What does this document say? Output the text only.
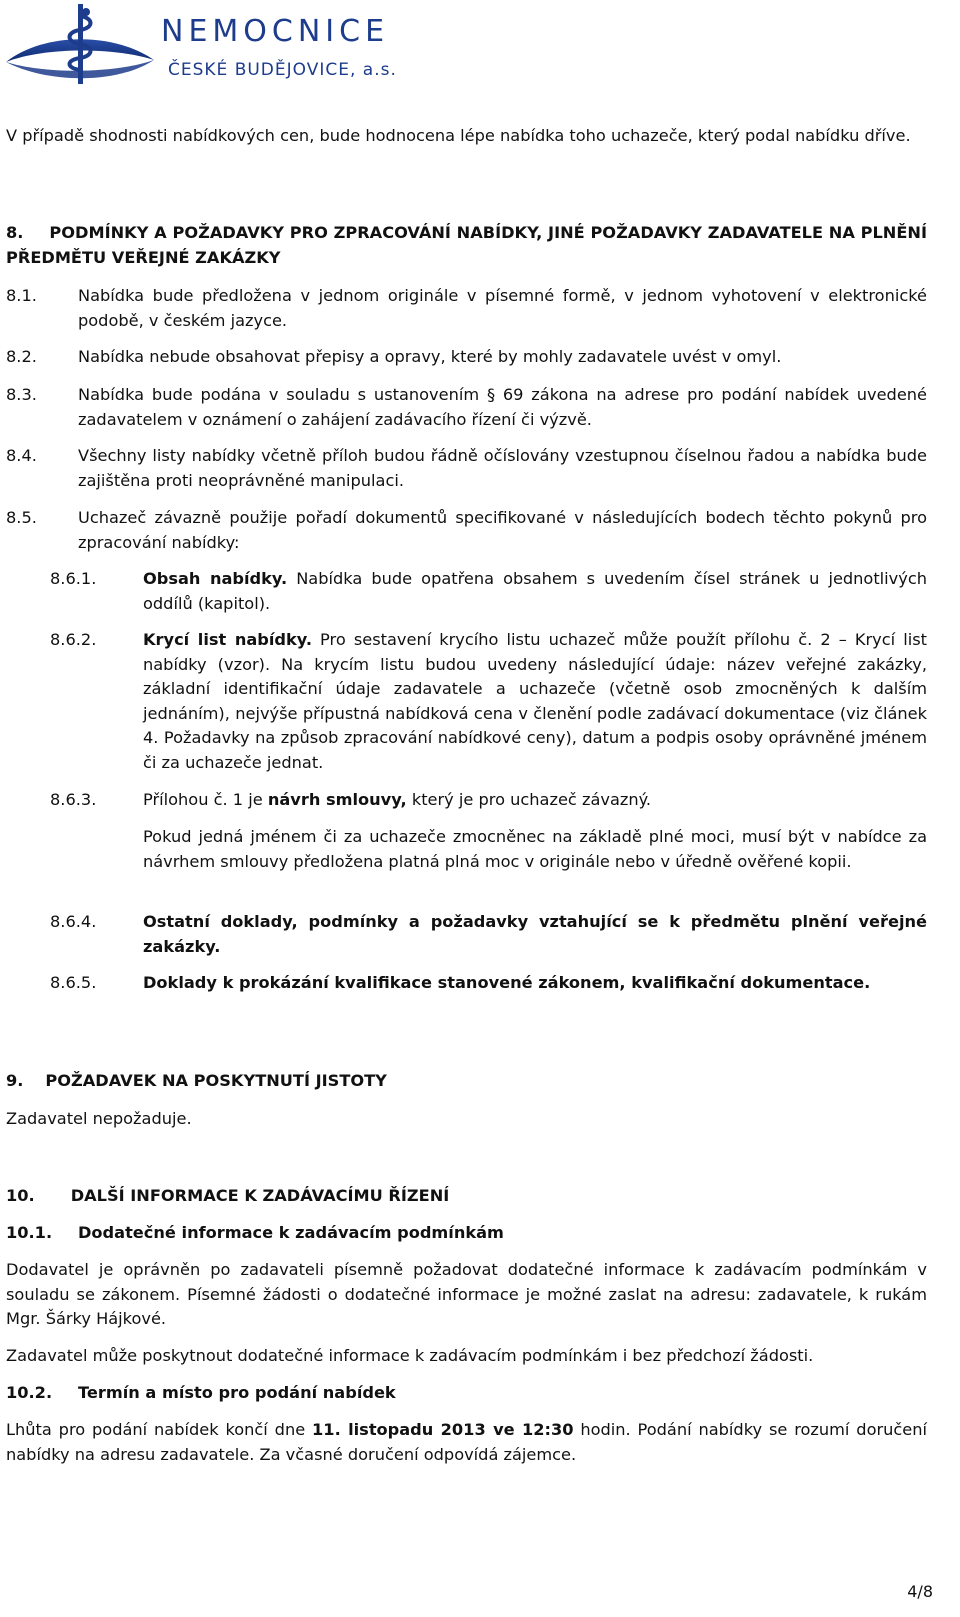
NEMOCNICE
ČESKÉ BUDĚJOVICE, a.s.
V případě shodnosti nabídkových cen, bude hodnocena lépe nabídka toho uchazeče, který podal nabídku dříve.
8. PODMÍNKY A POŽADAVKY PRO ZPRACOVÁNÍ NABÍDKY, JINÉ POŽADAVKY ZADAVATELE NA PLNĚNÍ PŘEDMĚTU VEŘEJNÉ ZAKÁZKY
8.1.	Nabídka bude předložena v jednom originále v písemné formě, v jednom vyhotovení v elektronické podobě, v českém jazyce.
8.2.	Nabídka nebude obsahovat přepisy a opravy, které by mohly zadavatele uvést v omyl.
8.3.	Nabídka bude podána v souladu s ustanovením § 69 zákona na adrese pro podání nabídek uvedené zadavatelem v oznámení o zahájení zadávacího řízení či výzvě.
8.4.	Všechny listy nabídky včetně příloh budou řádně očíslovány vzestupnou číselnou řadou a nabídka bude zajištěna proti neoprávněné manipulaci.
8.5.	Uchazeč závazně použije pořadí dokumentů specifikované v následujících bodech těchto pokynů pro zpracování nabídky:
8.6.1.	Obsah nabídky. Nabídka bude opatřena obsahem s uvedením čísel stránek u jednotlivých oddílů (kapitol).
8.6.2.	Krycí list nabídky. Pro sestavení krycího listu uchazeč může použít přílohu č. 2 – Krycí list nabídky (vzor). Na krycím listu budou uvedeny následující údaje: název veřejné zakázky, základní identifikační údaje zadavatele a uchazeče (včetně osob zmocněných k dalším jednáním), nejvýše přípustná nabídková cena v členění podle zadávací dokumentace (viz článek 4. Požadavky na způsob zpracování nabídkové ceny), datum a podpis osoby oprávněné jménem či za uchazeče jednat.
8.6.3.	Přílohou č. 1 je návrh smlouvy, který je pro uchazeč závazný.
Pokud jedná jménem či za uchazeče zmocněnec na základě plné moci, musí být v nabídce za návrhem smlouvy předložena platná plná moc v originále nebo v úředně ověřené kopii.
8.6.4.	Ostatní doklady, podmínky a požadavky vztahující se k předmětu plnění veřejné zakázky.
8.6.5.	Doklady k prokázání kvalifikace stanovené zákonem, kvalifikační dokumentace.
9. POŽADAVEK NA POSKYTNUTÍ JISTOTY
Zadavatel nepožaduje.
10. DALŠÍ INFORMACE K ZADÁVACÍMU ŘÍZENÍ
10.1. Dodatečné informace k zadávacím podmínkám
Dodavatel je oprávněn po zadavateli písemně požadovat dodatečné informace k zadávacím podmínkám v souladu se zákonem. Písemné žádosti o dodatečné informace je možné zaslat na adresu: zadavatele, k rukám Mgr. Šárky Hájkové.
Zadavatel může poskytnout dodatečné informace k zadávacím podmínkám i bez předchozí žádosti.
10.2. Termín a místo pro podání nabídek
Lhůta pro podání nabídek končí dne 11. listopadu 2013 ve 12:30 hodin. Podání nabídky se rozumí doručení nabídky na adresu zadavatele. Za včasné doručení odpovídá zájemce.
4/8
